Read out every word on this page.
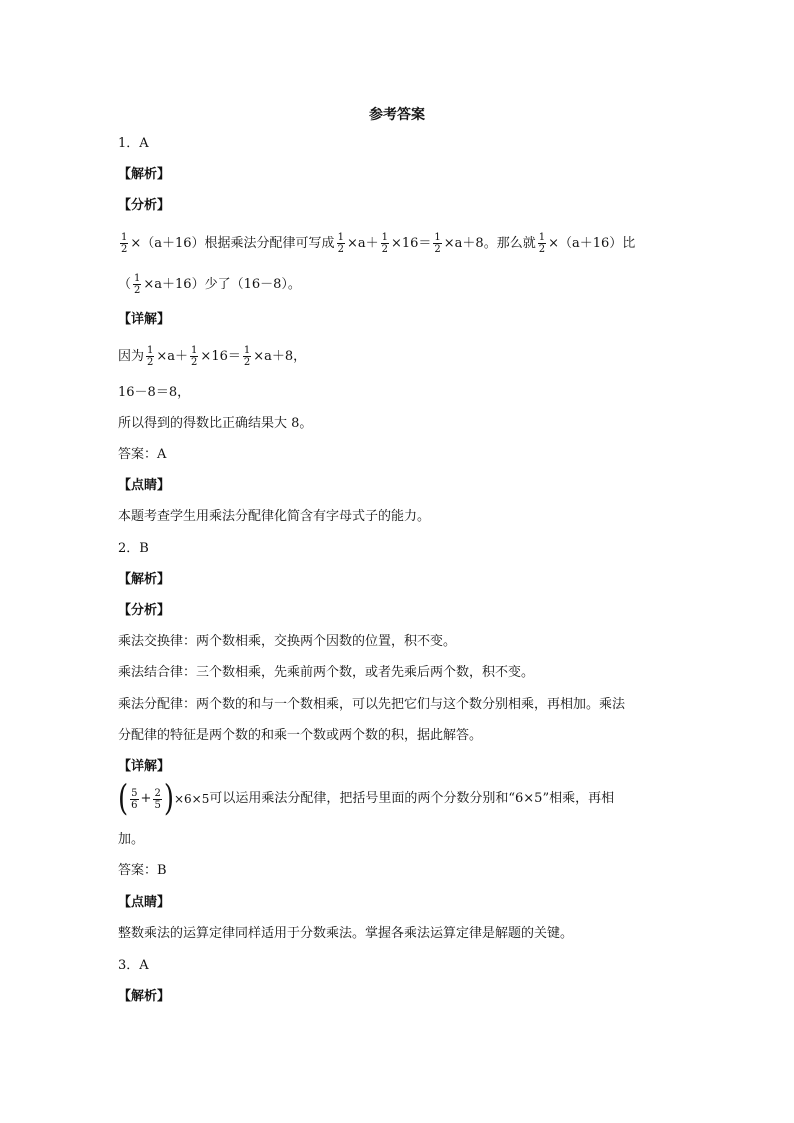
参考答案
1．A
【解析】
【分析】
$\frac{1}{2} \times(a+16)$根据乘法分配律可写成 $\frac{1}{2} \times a+ \frac{1}{2} \times 16= \frac{1}{2} \times a+8$。那么就 $\frac{1}{2} \times(a+16)$比
（ $\frac{1}{2} \times a+16$）少了（16－8）。
【详解】
因为 $\frac{1}{2} \times a+ \frac{1}{2} \times 16= \frac{1}{2} \times a+8$，
16－8＝8，
所以得到的得数比正确结果大 8。
答案：A
【点睛】
本题考查学生用乘法分配律化简含有字母式子的能力。
2．B
【解析】
【分析】
乘法交换律：两个数相乘，交换两个因数的位置，积不变。
乘法结合律：三个数相乘，先乘前两个数，或者先乘后两个数，积不变。
乘法分配律：两个数的和与一个数相乘，可以先把它们与这个数分别相乘，再相加。乘法
分配律的特征是两个数的和乘一个数或两个数的积，据此解答。
【详解】
( $\frac{5}{6} + \frac{2}{5} )\times 6\times 5$可以运用乘法分配律，把括号里面的两个分数分别和“6×5”相乘，再相
加。
答案：B
【点睛】
整数乘法的运算定律同样适用于分数乘法。掌握各乘法运算定律是解题的关键。
3．A
【解析】
